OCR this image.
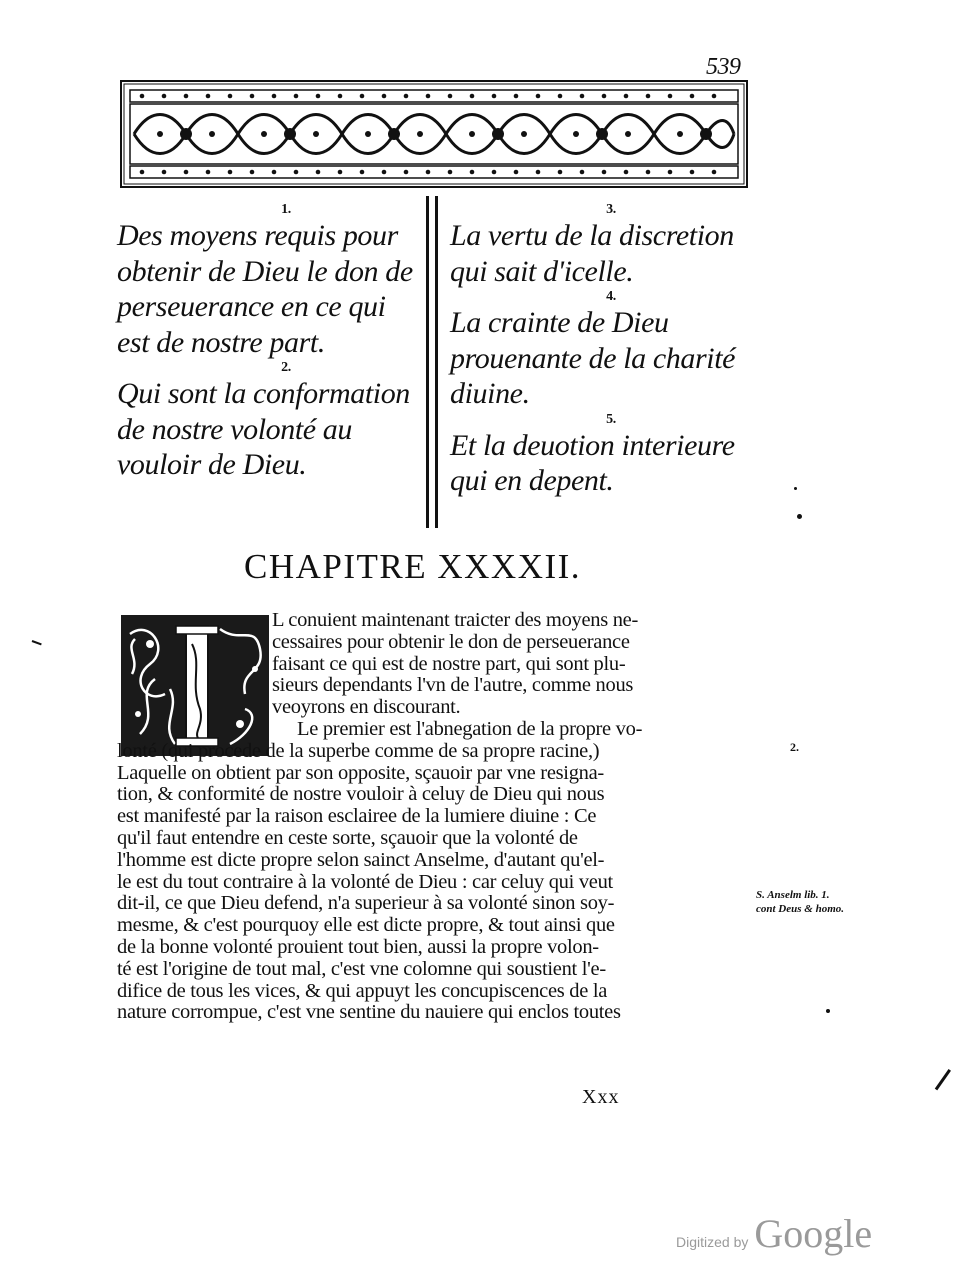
539
1.
Des moyens requis pour obtenir de Dieu le don de perseuerance en ce qui est de nostre part.
2.
Qui sont la conformation de nostre volonté au vouloir de Dieu.
3.
La vertu de la discretion qui sait d'icelle.
4.
La crainte de Dieu prouenante de la charité diuine.
5.
Et la deuotion interieure qui en depent.
CHAPITRE XXXXII.
L conuient maintenant traicter des moyens ne-
cessaires pour obtenir le don de perseuerance
faisant ce qui est de nostre part, qui sont plu-
sieurs dependants l'vn de l'autre, comme nous
veoyrons en discourant.
Le premier est l'abnegation de la propre vo-
lonté (qui procede de la superbe comme de sa propre racine,)
Laquelle on obtient par son opposite, sçauoir par vne resigna-
tion, & conformité de nostre vouloir à celuy de Dieu qui nous
est manifesté par la raison esclairee de la lumiere diuine : Ce
qu'il faut entendre en ceste sorte, sçauoir que la volonté de
l'homme est dicte propre selon sainct Anselme, d'autant qu'el-
le est du tout contraire à la volonté de Dieu : car celuy qui veut
dit-il, ce que Dieu defend, n'a superieur à sa volonté sinon soy-
mesme, & c'est pourquoy elle est dicte propre, & tout ainsi que
de la bonne volonté prouient tout bien, aussi la propre volon-
té est l'origine de tout mal, c'est vne colomne qui soustient l'e-
difice de tous les vices, & qui appuyt les concupiscences de la
nature corrompue, c'est vne sentine du nauiere qui enclos toutes
2.
S. Anselm lib. 1. cont Deus & homo.
Xxx
Digitized by Google
